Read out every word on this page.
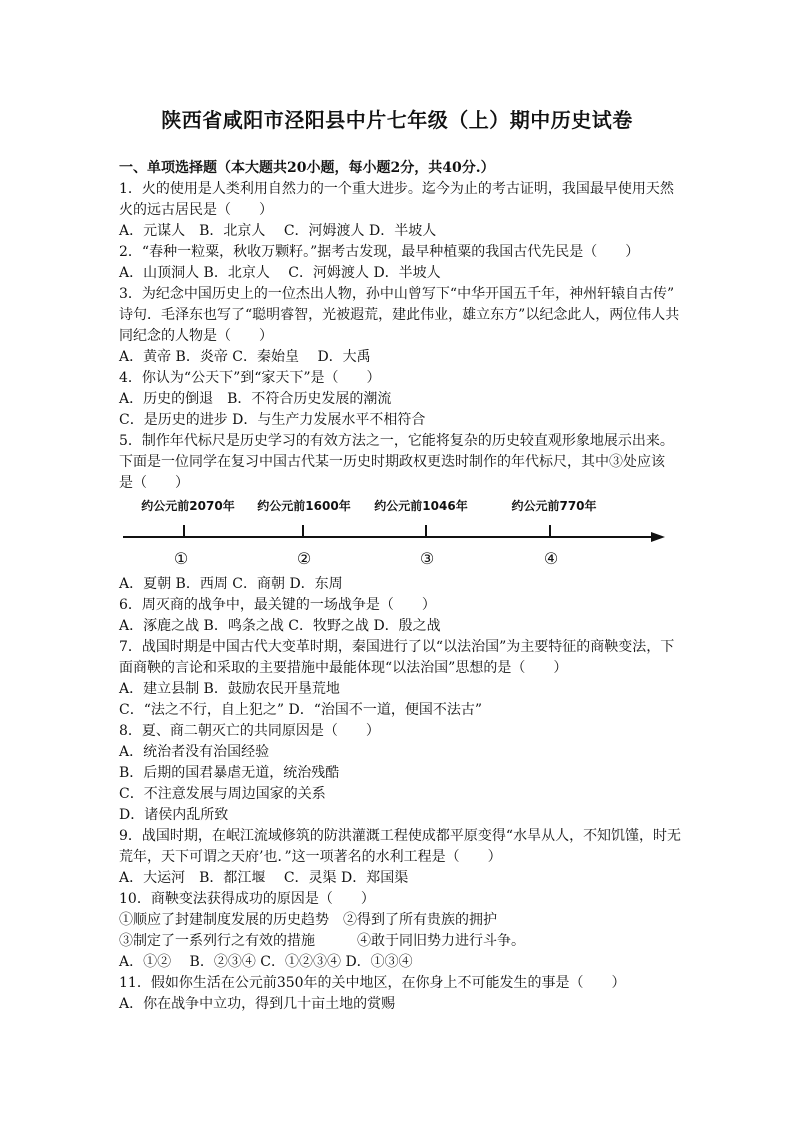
陕西省咸阳市泾阳县中片七年级（上）期中历史试卷
一、单项选择题（本大题共20小题，每小题2分，共40分.）
1．火的使用是人类利用自然力的一个重大进步。迄今为止的考古证明，我国最早使用天然
火的远古居民是（　　）
A．元谋人　B．北京人　 C．河姆渡人 D．半坡人
2．“春种一粒粟，秋收万颗籽。”据考古发现，最早种植粟的我国古代先民是（　　）
A．山顶洞人 B．北京人　 C．河姆渡人 D．半坡人
3．为纪念中国历史上的一位杰出人物，孙中山曾写下“中华开国五千年，神州轩辕自古传”
诗句．毛泽东也写了“聪明睿智，光被遐荒，建此伟业，雄立东方”以纪念此人，两位伟人共
同纪念的人物是（　　）
A．黄帝 B．炎帝 C．秦始皇　 D．大禹
4．你认为“公天下”到“家天下”是（　　）
A．历史的倒退　B．不符合历史发展的潮流
C．是历史的进步 D．与生产力发展水平不相符合
5．制作年代标尺是历史学习的有效方法之一，它能将复杂的历史较直观形象地展示出来。
下面是一位同学在复习中国古代某一历史时期政权更迭时制作的年代标尺，其中③处应该
是（　　）
约公元前2070年 约公元前1600年 约公元前1046年	约公元前770年
①	②	③	④
A．夏朝 B．西周 C．商朝 D．东周
6．周灭商的战争中，最关键的一场战争是（　　）
A．涿鹿之战 B．鸣条之战 C．牧野之战 D．殷之战
7．战国时期是中国古代大变革时期，秦国进行了以“以法治国”为主要特征的商鞅变法，下
面商鞅的言论和采取的主要措施中最能体现“以法治国”思想的是（　　）
A．建立县制 B．鼓励农民开垦荒地
C．“法之不行，自上犯之” D．“治国不一道，便国不法古”
8．夏、商二朝灭亡的共同原因是（　　）
A．统治者没有治国经验
B．后期的国君暴虐无道，统治残酷
C．不注意发展与周边国家的关系
D．诸侯内乱所致
9．战国时期，在岷江流域修筑的防洪灌溉工程使成都平原变得“水旱从人，不知饥馑，时无
荒年，天下可谓之天府’也．”这一项著名的水利工程是（　　）
A．大运河　B．都江堰　 C．灵渠 D．郑国渠
10．商鞅变法获得成功的原因是（　　）
①顺应了封建制度发展的历史趋势　②得到了所有贵族的拥护
③制定了一系列行之有效的措施　　　④敢于同旧势力进行斗争。
A．①②　 B．②③④ C．①②③④ D．①③④
11．假如你生活在公元前350年的关中地区，在你身上不可能发生的事是（　　）
A．你在战争中立功，得到几十亩土地的赏赐
